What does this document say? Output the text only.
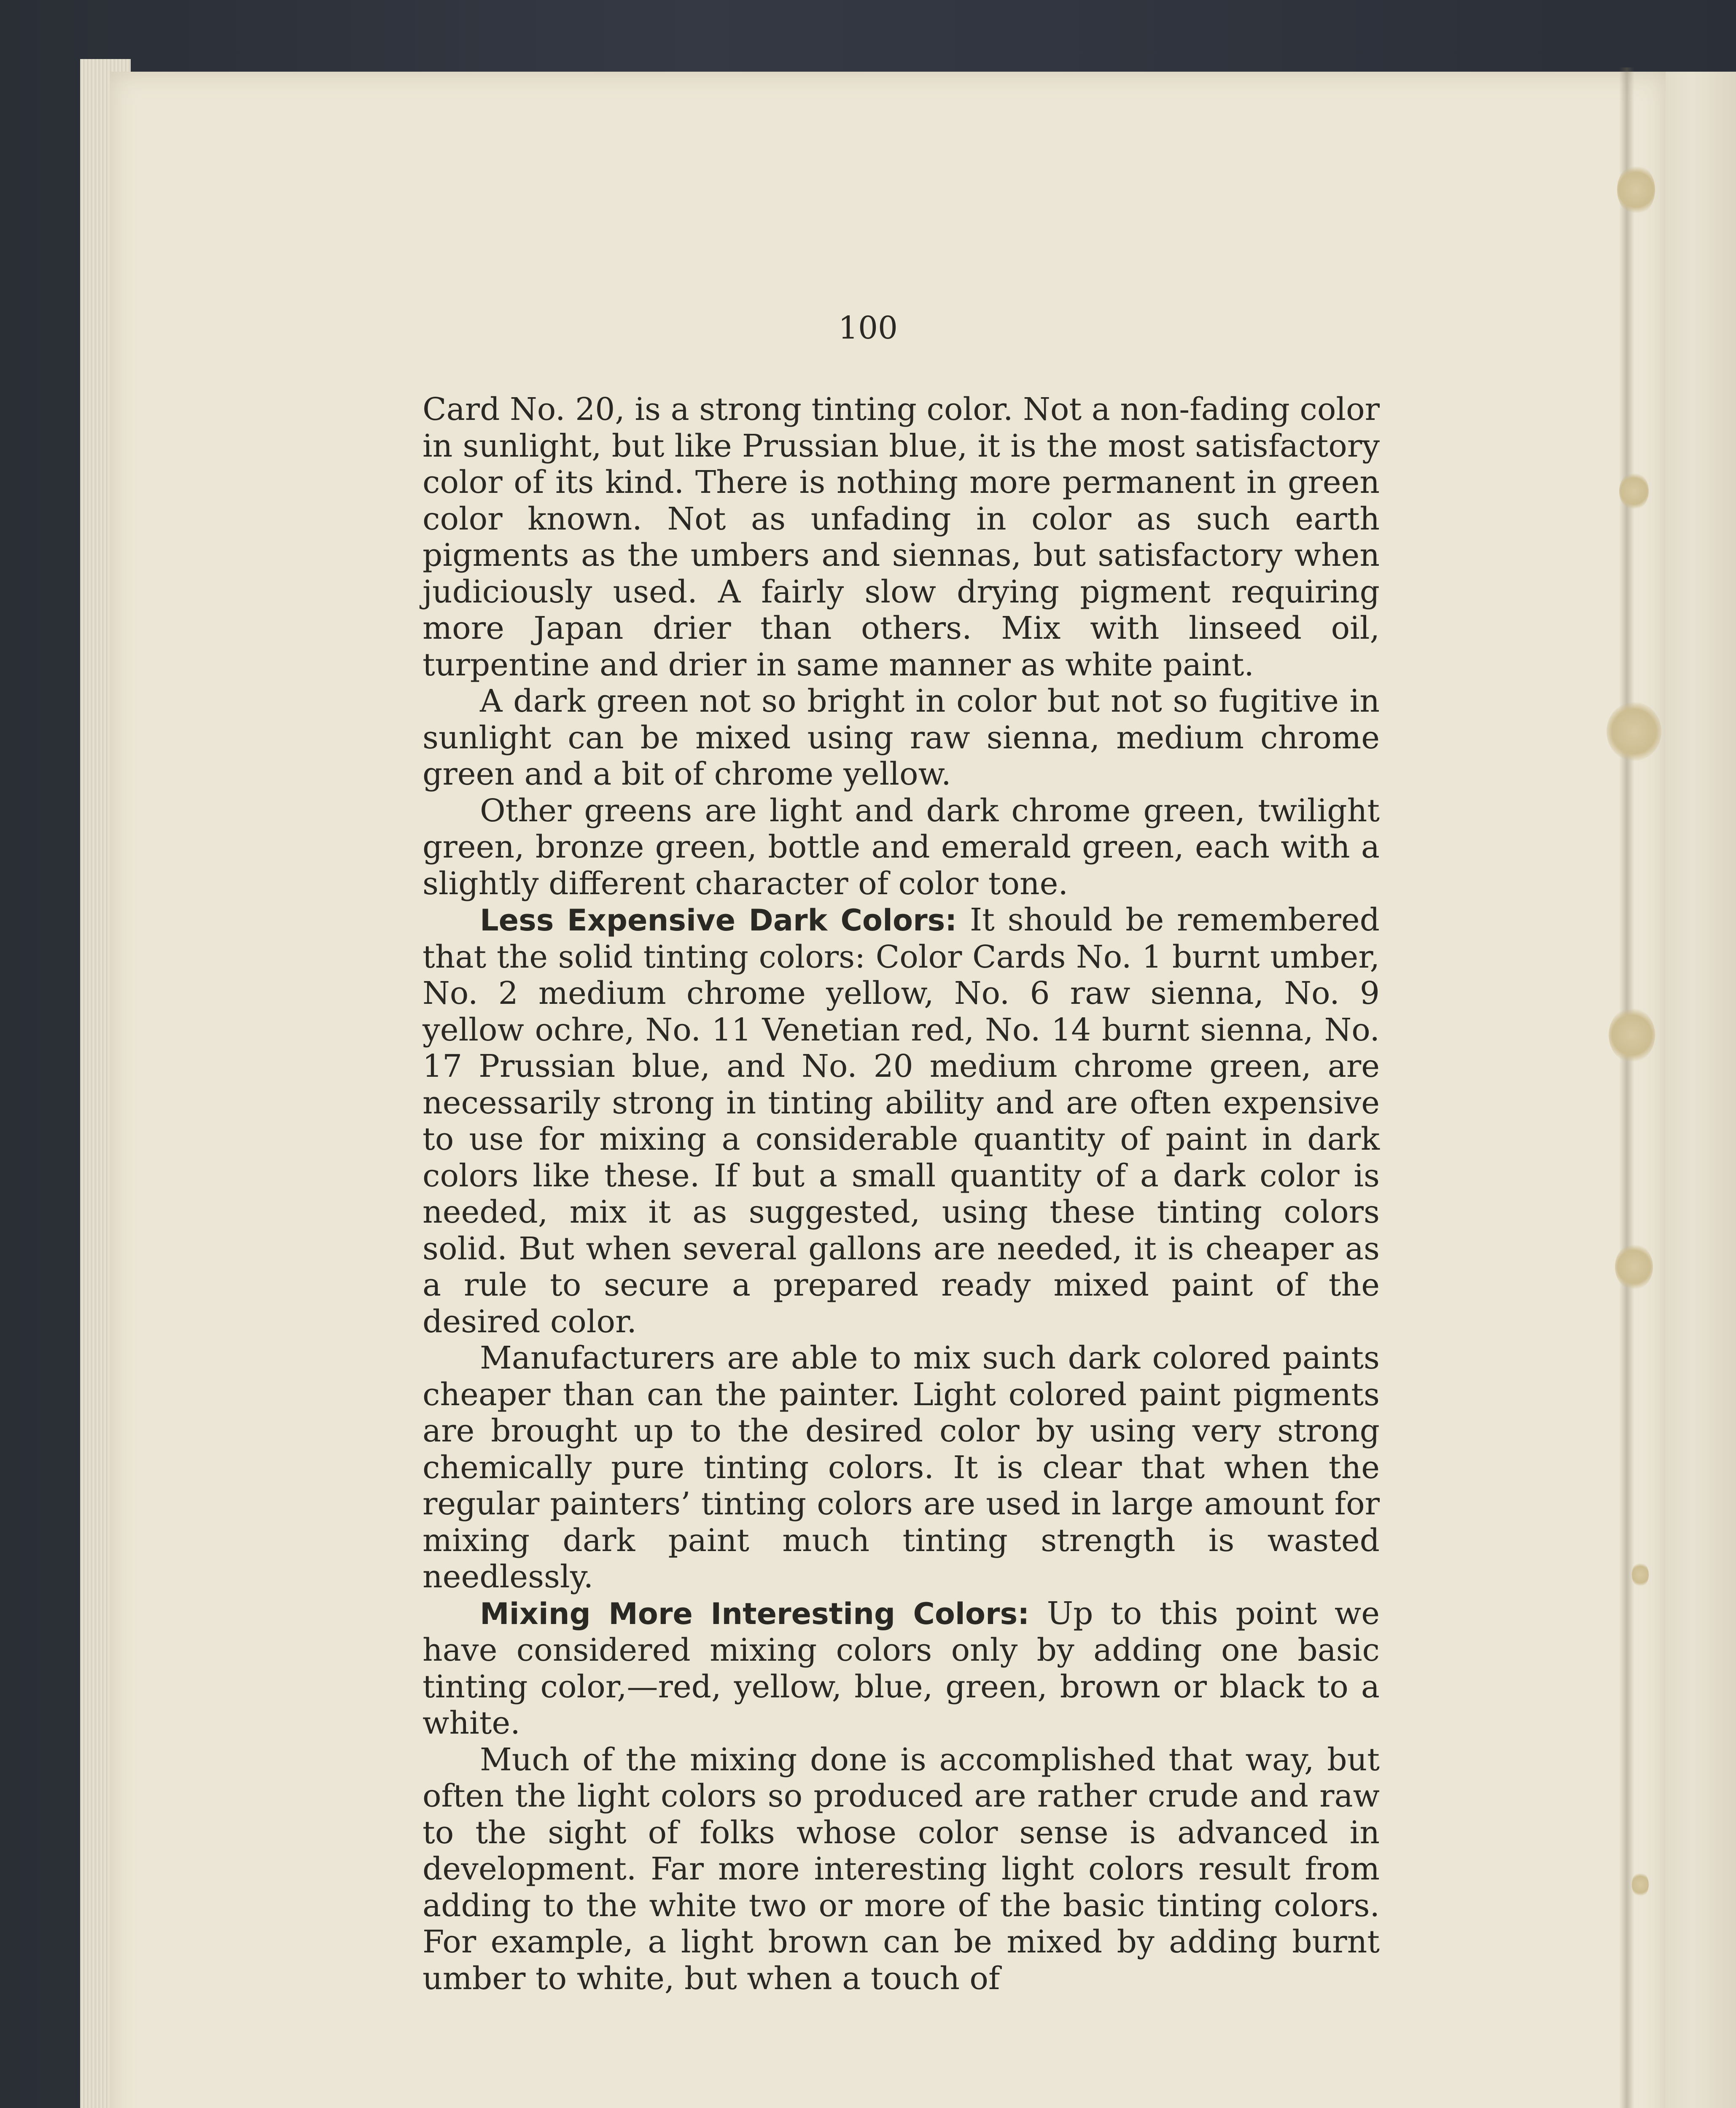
100

Card No. 20, is a strong tinting color. Not a non-fading color in sunlight, but like Prussian blue, it is the most satisfactory color of its kind. There is nothing more permanent in green color known. Not as unfading in color as such earth pigments as the umbers and siennas, but satisfactory when judiciously used. A fairly slow drying pigment requiring more Japan drier than others. Mix with linseed oil, turpentine and drier in same manner as white paint.

A dark green not so bright in color but not so fugitive in sunlight can be mixed using raw sienna, medium chrome green and a bit of chrome yellow.

Other greens are light and dark chrome green, twilight green, bronze green, bottle and emerald green, each with a slightly different character of color tone.

Less Expensive Dark Colors: It should be remembered that the solid tinting colors: Color Cards No. 1 burnt umber, No. 2 medium chrome yellow, No. 6 raw sienna, No. 9 yellow ochre, No. 11 Venetian red, No. 14 burnt sienna, No. 17 Prussian blue, and No. 20 medium chrome green, are necessarily strong in tinting ability and are often expensive to use for mixing a considerable quantity of paint in dark colors like these. If but a small quantity of a dark color is needed, mix it as suggested, using these tinting colors solid. But when several gallons are needed, it is cheaper as a rule to secure a prepared ready mixed paint of the desired color.

Manufacturers are able to mix such dark colored paints cheaper than can the painter. Light colored paint pigments are brought up to the desired color by using very strong chemically pure tinting colors. It is clear that when the regular painters’ tinting colors are used in large amount for mixing dark paint much tinting strength is wasted needlessly.

Mixing More Interesting Colors: Up to this point we have considered mixing colors only by adding one basic tinting color,—red, yellow, blue, green, brown or black to a white.

Much of the mixing done is accomplished that way, but often the light colors so produced are rather crude and raw to the sight of folks whose color sense is advanced in development. Far more interesting light colors result from adding to the white two or more of the basic tinting colors. For example, a light brown can be mixed by adding burnt umber to white, but when a touch of
